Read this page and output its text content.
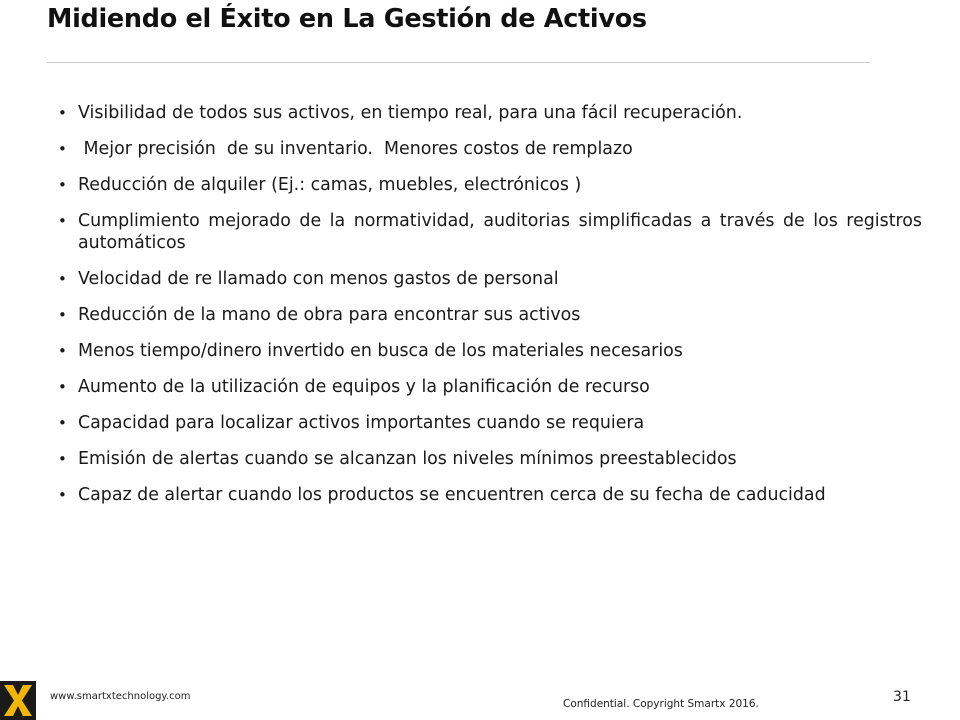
Midiendo el Éxito en La Gestión de Activos
• Visibilidad de todos sus activos, en tiempo real, para una fácil recuperación.
• Mejor precisión  de su inventario.  Menores costos de remplazo
• Reducción de alquiler (Ej.: camas, muebles, electrónicos )
• Cumplimiento mejorado de la normatividad, auditorias simplificadas a través de los registros automáticos
• Velocidad de re llamado con menos gastos de personal
• Reducción de la mano de obra para encontrar sus activos
• Menos tiempo/dinero invertido en busca de los materiales necesarios
• Aumento de la utilización de equipos y la planificación de recurso
• Capacidad para localizar activos importantes cuando se requiera
• Emisión de alertas cuando se alcanzan los niveles mínimos preestablecidos
• Capaz de alertar cuando los productos se encuentren cerca de su fecha de caducidad
www.smartxtechnology.com
Confidential. Copyright Smartx 2016.	31
